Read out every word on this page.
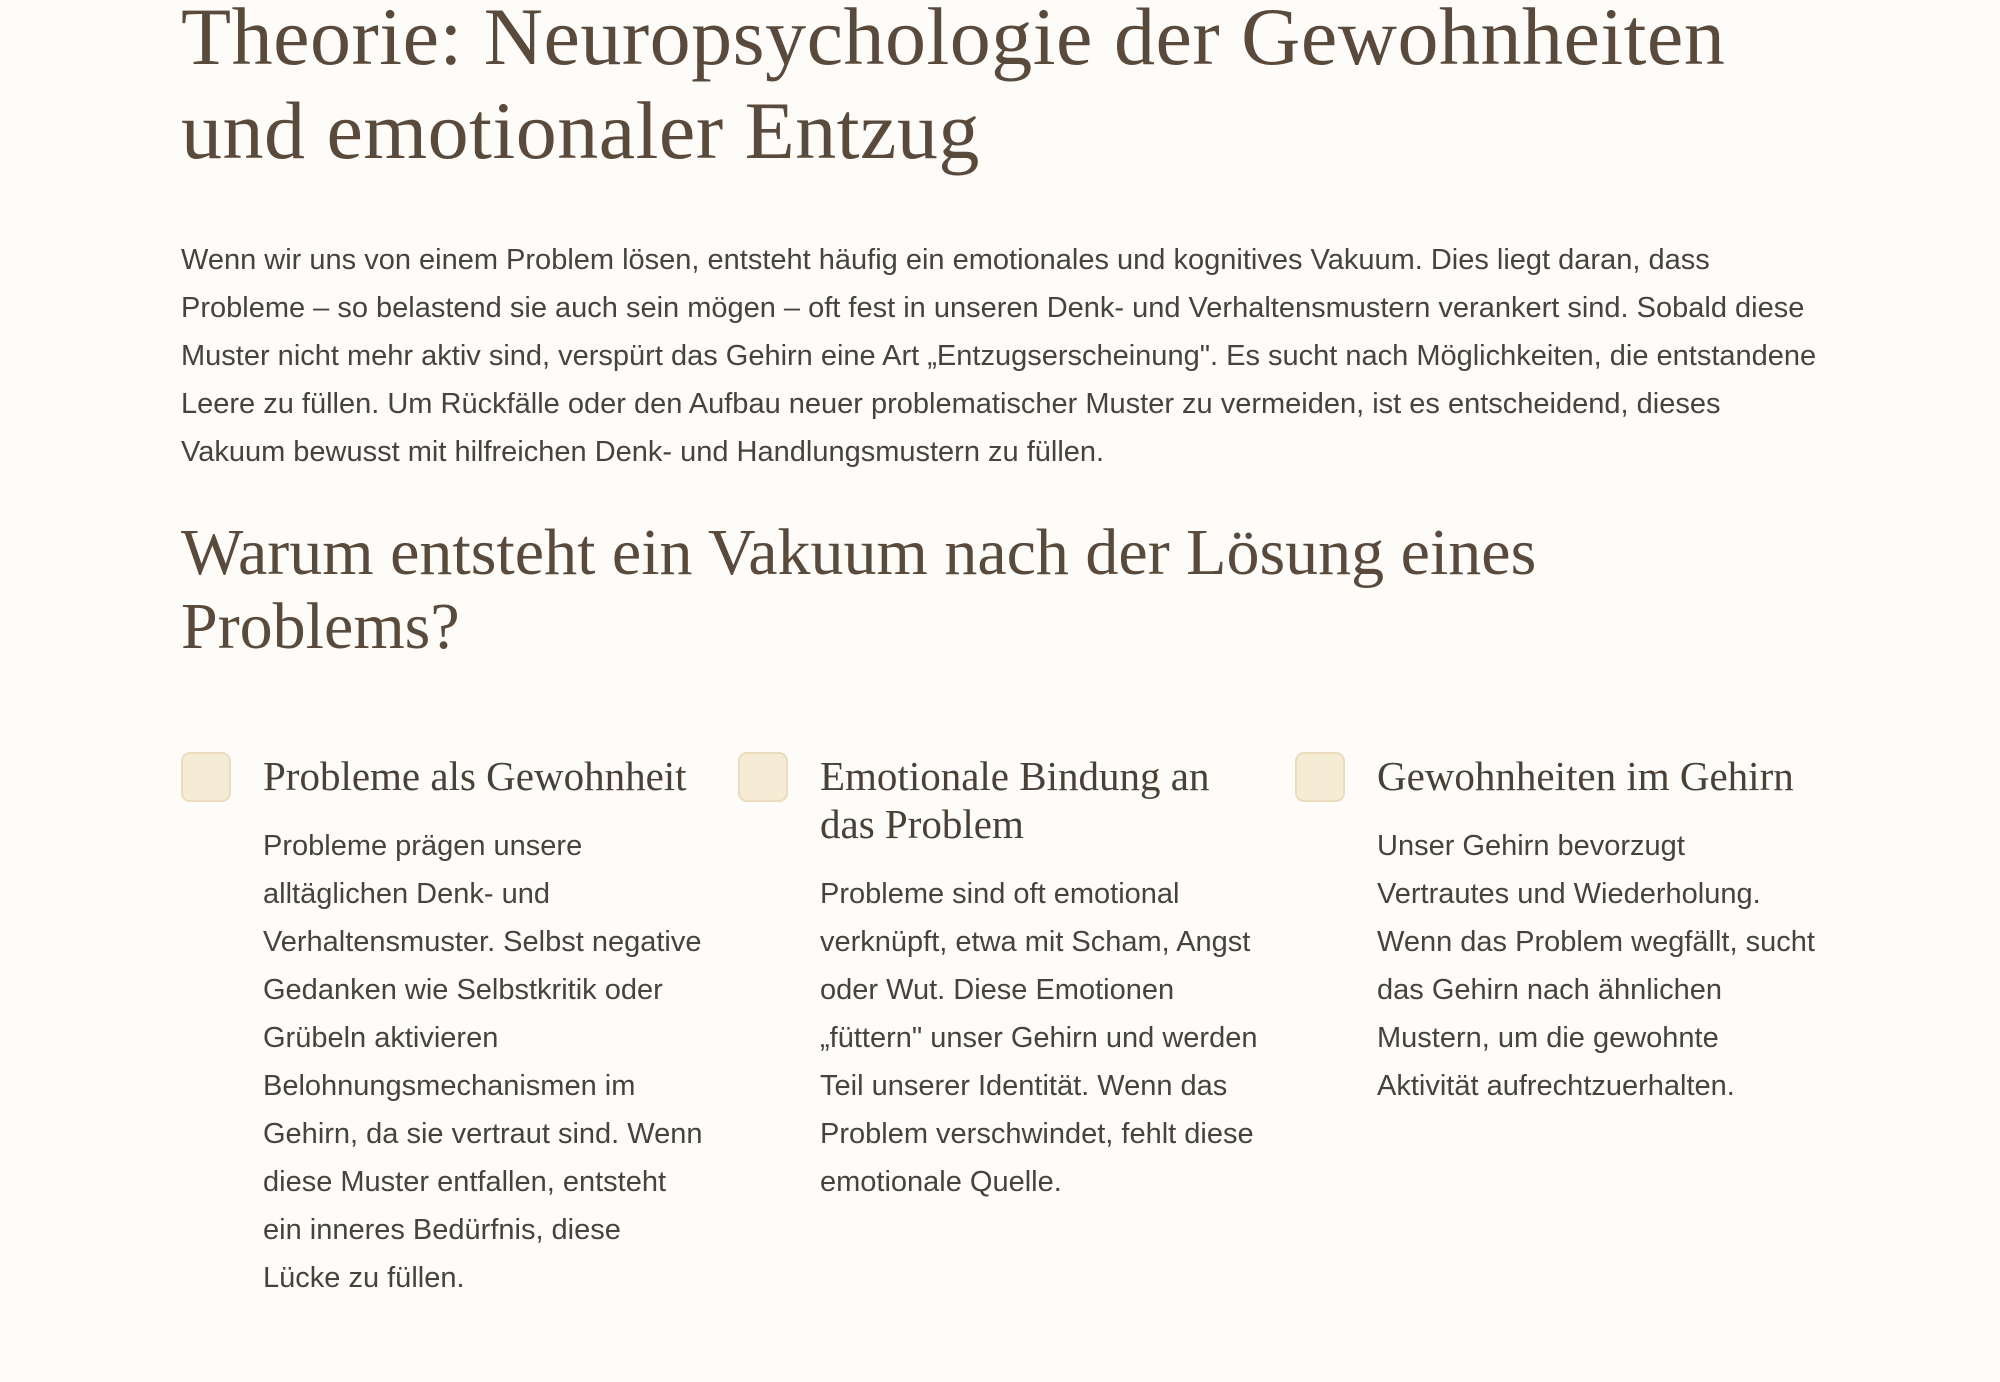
Theorie: Neuropsychologie der Gewohnheiten und emotionaler Entzug

Wenn wir uns von einem Problem lösen, entsteht häufig ein emotionales und kognitives Vakuum. Dies liegt daran, dass Probleme – so belastend sie auch sein mögen – oft fest in unseren Denk- und Verhaltensmustern verankert sind. Sobald diese Muster nicht mehr aktiv sind, verspürt das Gehirn eine Art „Entzugserscheinung". Es sucht nach Möglichkeiten, die entstandene Leere zu füllen. Um Rückfälle oder den Aufbau neuer problematischer Muster zu vermeiden, ist es entscheidend, dieses Vakuum bewusst mit hilfreichen Denk- und Handlungsmustern zu füllen.

Warum entsteht ein Vakuum nach der Lösung eines Problems?
Probleme als Gewohnheit

Probleme prägen unsere alltäglichen Denk- und Verhaltensmuster. Selbst negative Gedanken wie Selbstkritik oder Grübeln aktivieren Belohnungsmechanismen im Gehirn, da sie vertraut sind. Wenn diese Muster entfallen, entsteht ein inneres Bedürfnis, diese Lücke zu füllen.

Emotionale Bindung an das Problem

Probleme sind oft emotional verknüpft, etwa mit Scham, Angst oder Wut. Diese Emotionen „füttern" unser Gehirn und werden Teil unserer Identität. Wenn das Problem verschwindet, fehlt diese emotionale Quelle.

Gewohnheiten im Gehirn

Unser Gehirn bevorzugt Vertrautes und Wiederholung. Wenn das Problem wegfällt, sucht das Gehirn nach ähnlichen Mustern, um die gewohnte Aktivität aufrechtzuerhalten.
